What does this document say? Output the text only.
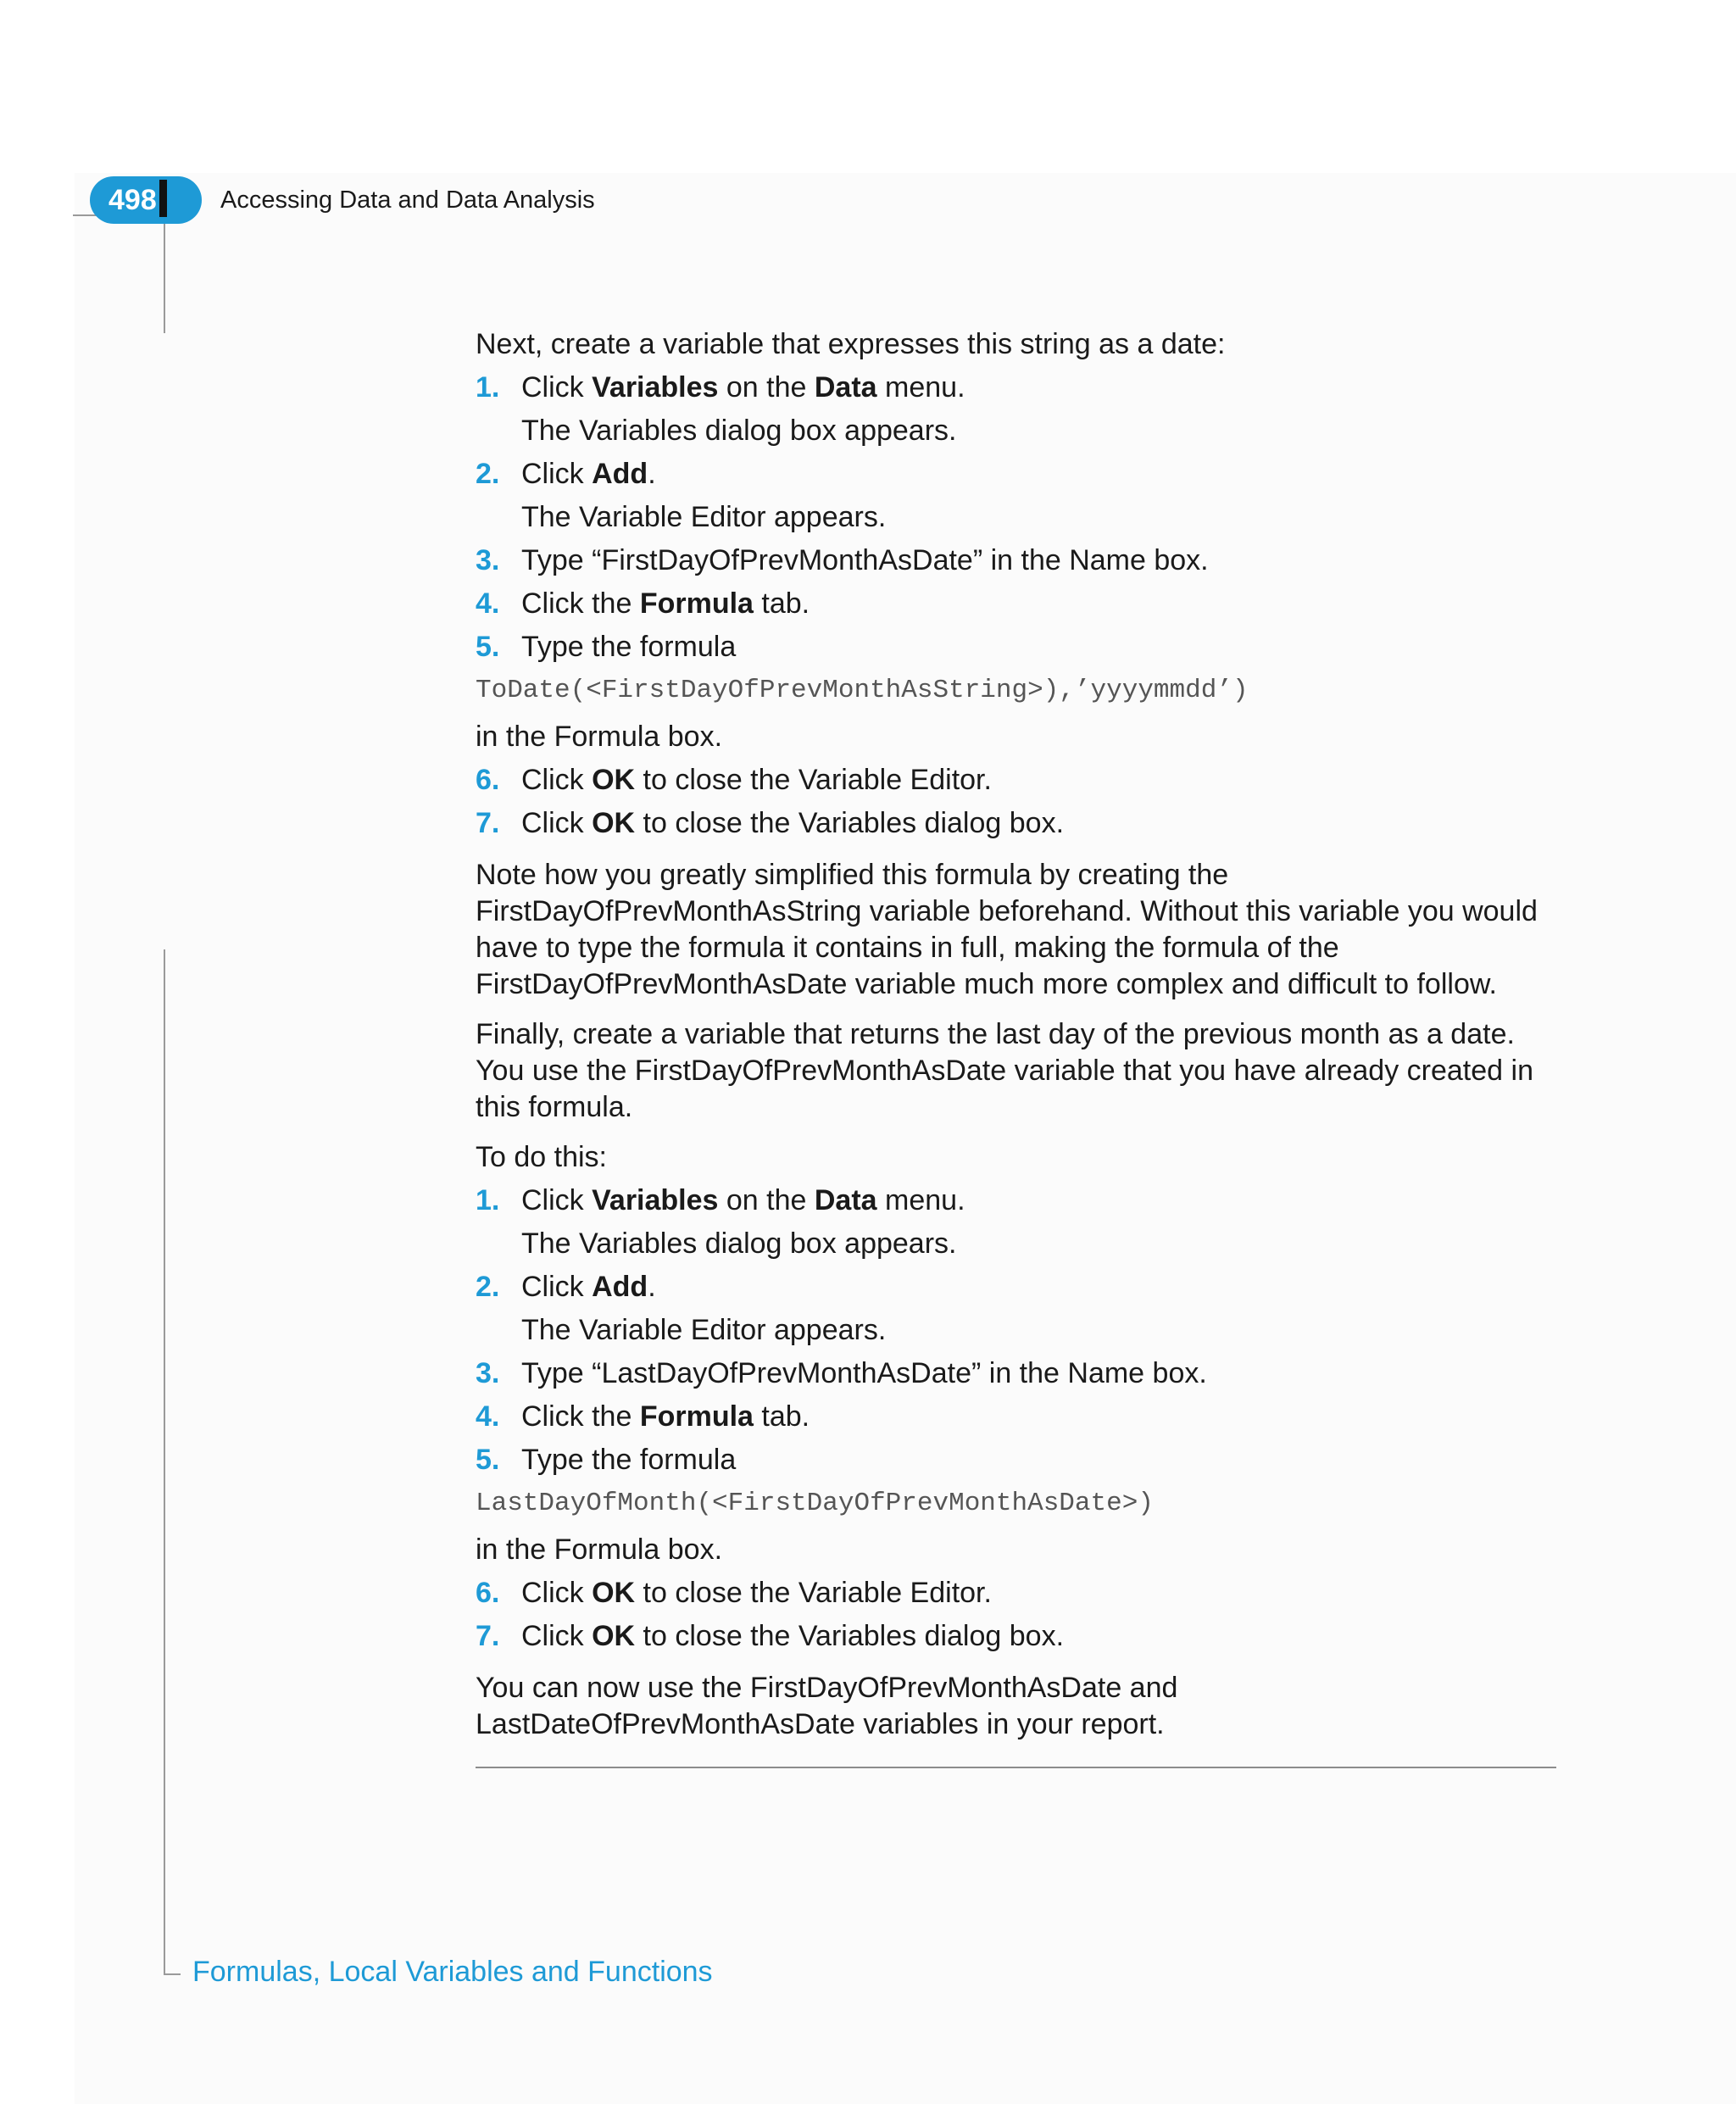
498	Accessing Data and Data Analysis

Next, create a variable that expresses this string as a date:

1. Click Variables on the Data menu.

The Variables dialog box appears.

2. Click Add.

The Variable Editor appears.

3. Type “FirstDayOfPrevMonthAsDate” in the Name box.
4. Click the Formula tab.
5. Type the formula

ToDate(<FirstDayOfPrevMonthAsString>),’yyyymmdd’)

in the Formula box.

6. Click OK to close the Variable Editor.
7. Click OK to close the Variables dialog box.

Note how you greatly simplified this formula by creating the FirstDayOfPrevMonthAsString variable beforehand. Without this variable you would have to type the formula it contains in full, making the formula of the FirstDayOfPrevMonthAsDate variable much more complex and difficult to follow.

Finally, create a variable that returns the last day of the previous month as a date. You use the FirstDayOfPrevMonthAsDate variable that you have already created in this formula.

To do this:

1. Click Variables on the Data menu.

The Variables dialog box appears.

2. Click Add.

The Variable Editor appears.

3. Type “LastDayOfPrevMonthAsDate” in the Name box.
4. Click the Formula tab.
5. Type the formula

LastDayOfMonth(<FirstDayOfPrevMonthAsDate>)

in the Formula box.

6. Click OK to close the Variable Editor.
7. Click OK to close the Variables dialog box.

You can now use the FirstDayOfPrevMonthAsDate and LastDateOfPrevMonthAsDate variables in your report.

Formulas, Local Variables and Functions
